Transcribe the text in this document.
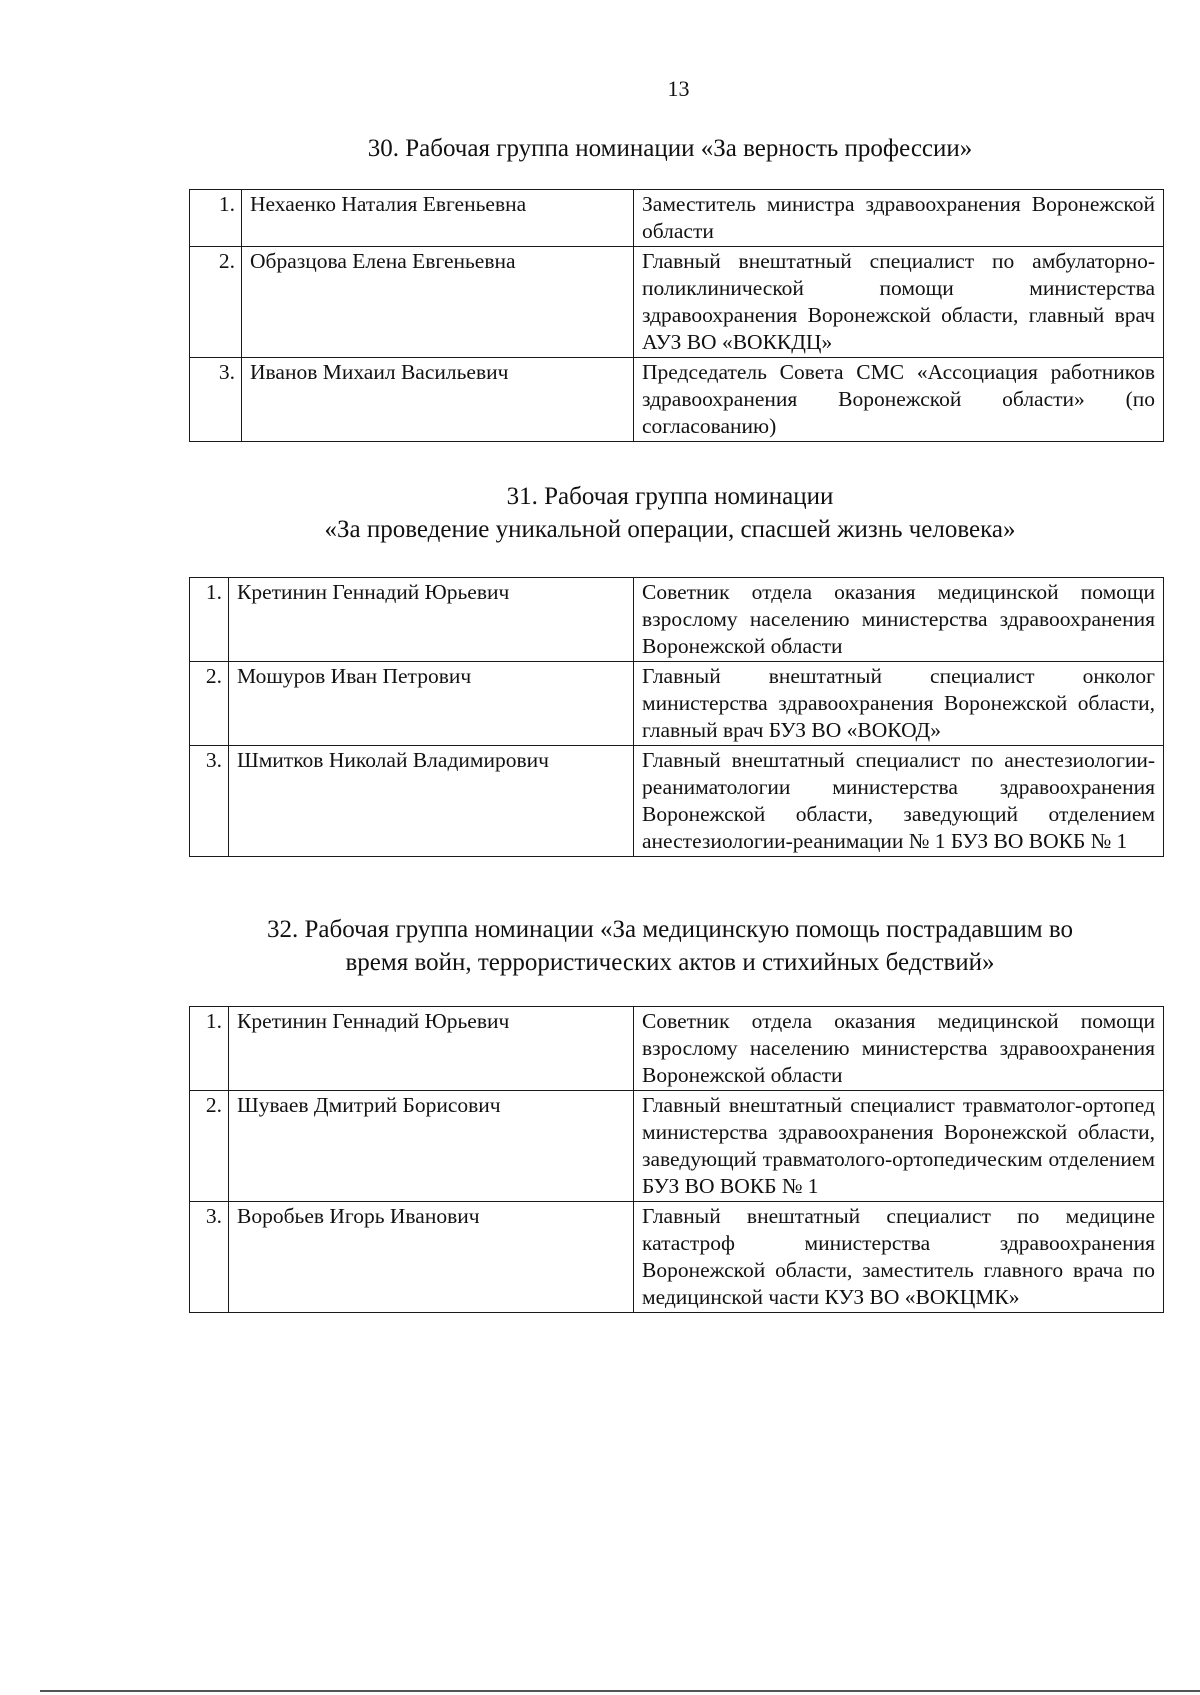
13
30. Рабочая группа номинации «За верность профессии»
1.	Нехаенко Наталия Евгеньевна	Заместитель министра здравоохранения Воронежской области
2.	Образцова Елена Евгеньевна	Главный внештатный специалист по амбулаторно-поликлинической помощи министерства здравоохранения Воронежской области, главный врач АУЗ ВО «ВОККДЦ»
3.	Иванов Михаил Васильевич	Председатель Совета СМС «Ассоциация работников здравоохранения Воронежской области» (по согласованию)
31. Рабочая группа номинации
«За проведение уникальной операции, спасшей жизнь человека»
1.	Кретинин Геннадий Юрьевич	Советник отдела оказания медицинской помощи взрослому населению министерства здравоохранения Воронежской области
2.	Мошуров Иван Петрович	Главный внештатный специалист онколог министерства здравоохранения Воронежской области, главный врач БУЗ ВО «ВОКОД»
3.	Шмитков Николай Владимирович	Главный внештатный специалист по анестезиологии-реаниматологии министерства здравоохранения Воронежской области, заведующий отделением анестезиологии-реанимации № 1 БУЗ ВО ВОКБ № 1
32. Рабочая группа номинации «За медицинскую помощь пострадавшим во
время войн, террористических актов и стихийных бедствий»
1.	Кретинин Геннадий Юрьевич	Советник отдела оказания медицинской помощи взрослому населению министерства здравоохранения Воронежской области
2.	Шуваев Дмитрий Борисович	Главный внештатный специалист травматолог-ортопед министерства здравоохранения Воронежской области, заведующий травматолого-ортопедическим отделением БУЗ ВО ВОКБ № 1
3.	Воробьев Игорь Иванович	Главный внештатный специалист по медицине катастроф министерства здравоохранения Воронежской области, заместитель главного врача по медицинской части КУЗ ВО «ВОКЦМК»
